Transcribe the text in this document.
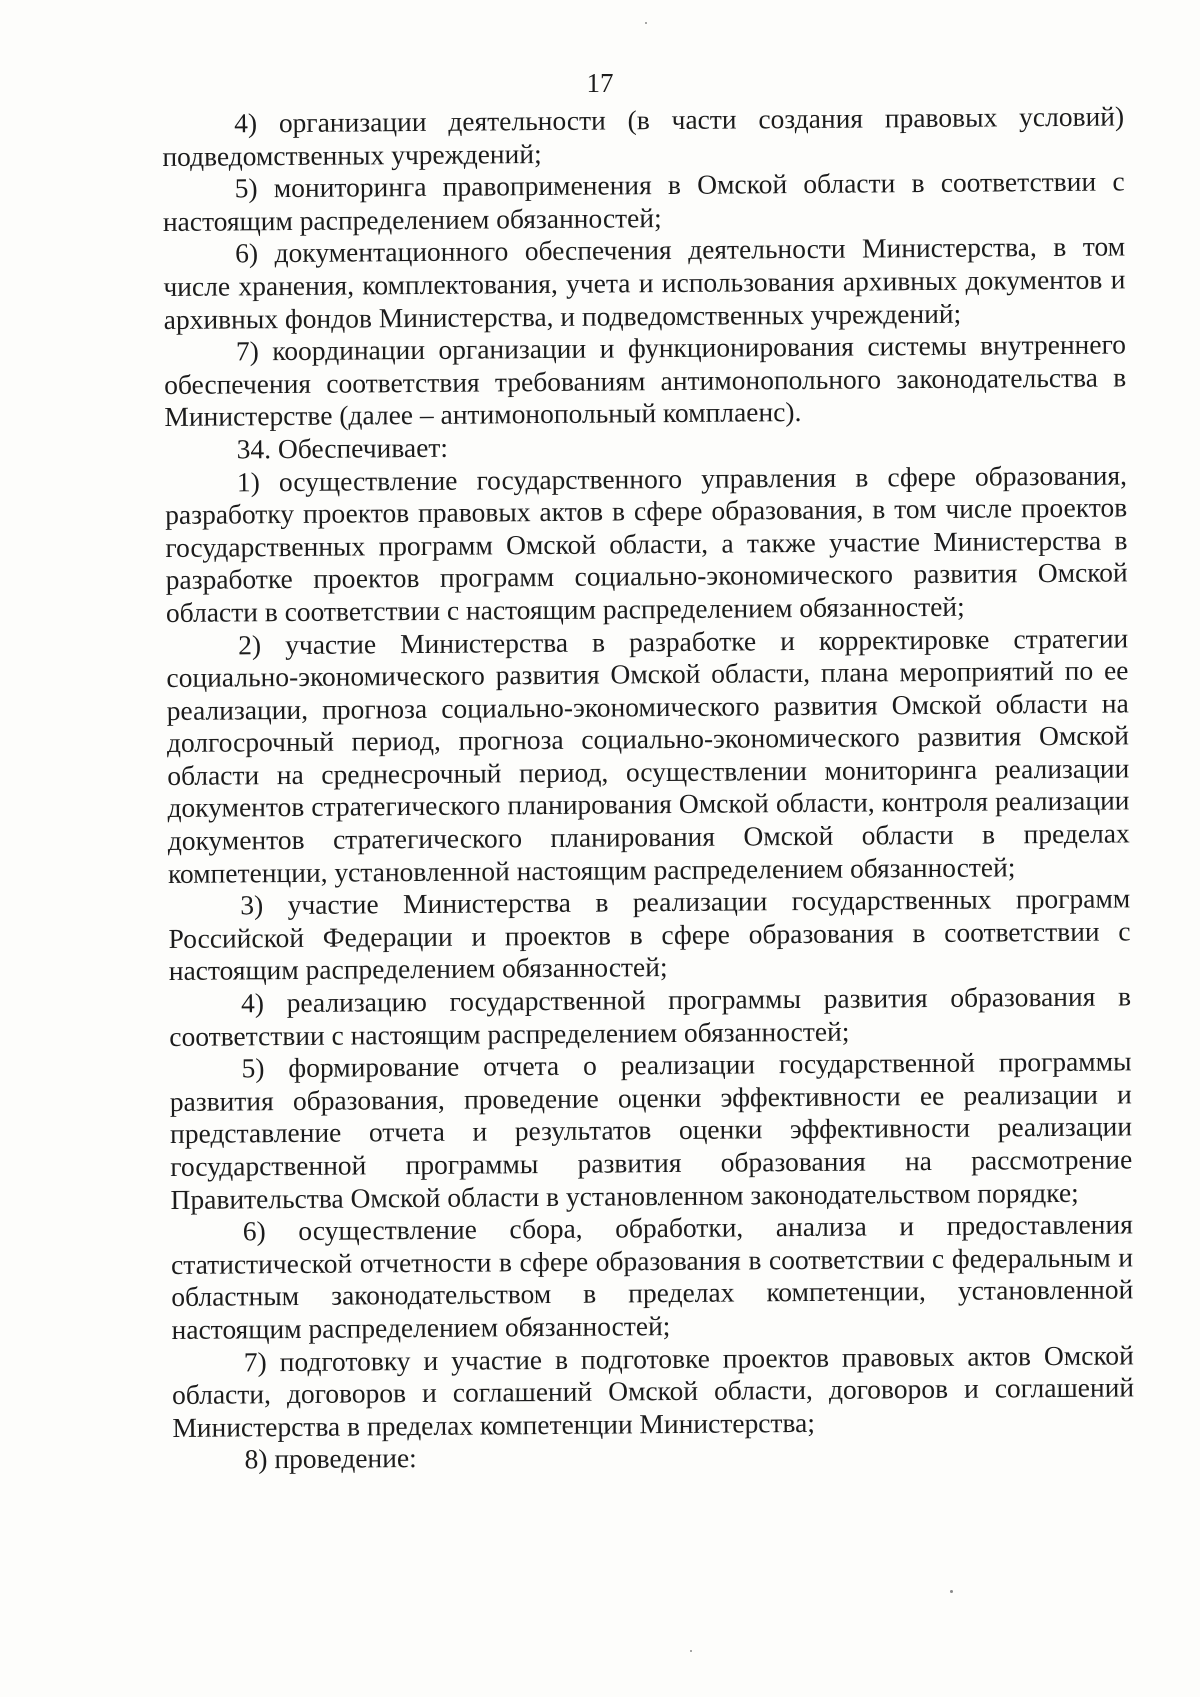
17

4) организации деятельности (в части создания правовых условий) подведомственных учреждений;

5) мониторинга правоприменения в Омской области в соответствии с настоящим распределением обязанностей;

6) документационного обеспечения деятельности Министерства, в том числе хранения, комплектования, учета и использования архивных документов и архивных фондов Министерства, и подведомственных учреждений;

7) координации организации и функционирования системы внутреннего обеспечения соответствия требованиям антимонопольного законодательства в Министерстве (далее – антимонопольный комплаенс).

34. Обеспечивает:

1) осуществление государственного управления в сфере образования, разработку проектов правовых актов в сфере образования, в том числе проектов государственных программ Омской области, а также участие Министерства в разработке проектов программ социально-экономического развития Омской области в соответствии с настоящим распределением обязанностей;

2) участие Министерства в разработке и корректировке стратегии социально-экономического развития Омской области, плана мероприятий по ее реализации, прогноза социально-экономического развития Омской области на долгосрочный период, прогноза социально-экономического развития Омской области на среднесрочный период, осуществлении мониторинга реализации документов стратегического планирования Омской области, контроля реализации документов стратегического планирования Омской области в пределах компетенции, установленной настоящим распределением обязанностей;

3) участие Министерства в реализации государственных программ Российской Федерации и проектов в сфере образования в соответствии с настоящим распределением обязанностей;

4) реализацию государственной программы развития образования в соответствии с настоящим распределением обязанностей;

5) формирование отчета о реализации государственной программы развития образования, проведение оценки эффективности ее реализации и представление отчета и результатов оценки эффективности реализации государственной программы развития образования на рассмотрение Правительства Омской области в установленном законодательством порядке;

6) осуществление сбора, обработки, анализа и предоставления статистической отчетности в сфере образования в соответствии с федеральным и областным законодательством в пределах компетенции, установленной настоящим распределением обязанностей;

7) подготовку и участие в подготовке проектов правовых актов Омской области, договоров и соглашений Омской области, договоров и соглашений Министерства в пределах компетенции Министерства;

8) проведение:
